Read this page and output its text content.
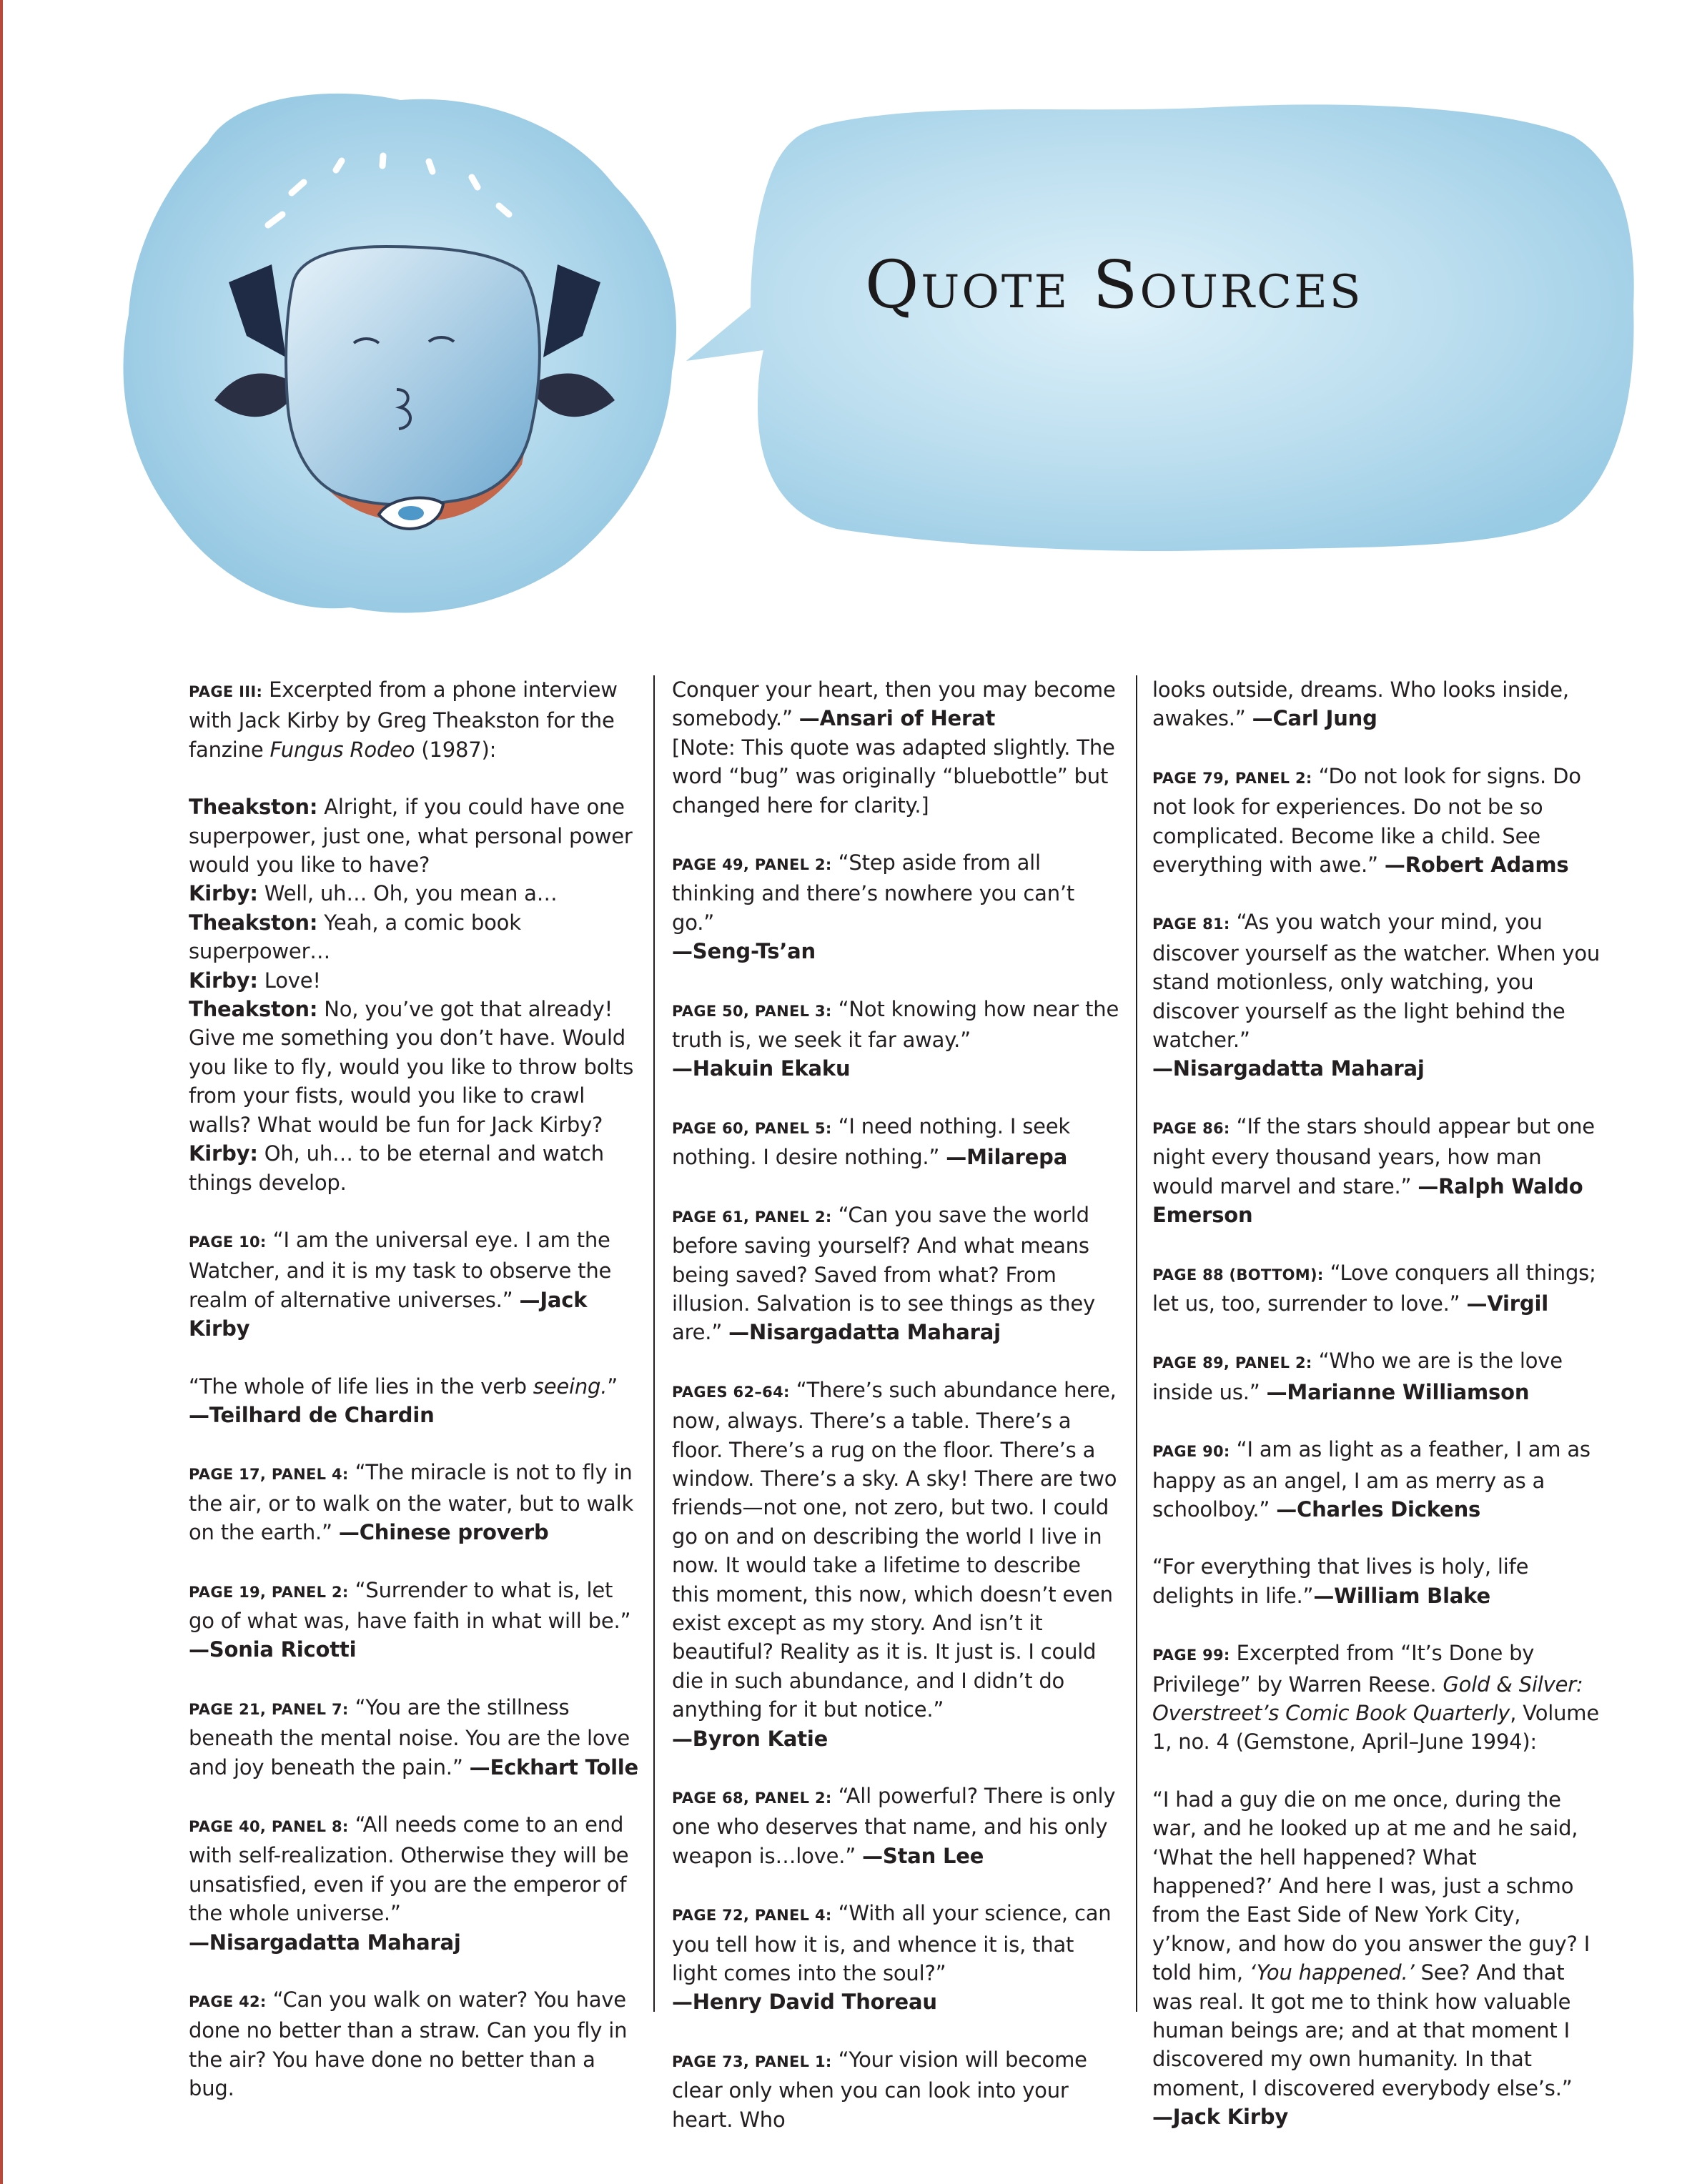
Quote Sources

PAGE III: Excerpted from a phone interview with Jack Kirby by Greg Theakston for the fanzine Fungus Rodeo (1987):

Theakston: Alright, if you could have one superpower, just one, what personal power would you like to have?
Kirby: Well, uh… Oh, you mean a…
Theakston: Yeah, a comic book superpower…
Kirby: Love!
Theakston: No, you’ve got that already! Give me something you don’t have. Would you like to fly, would you like to throw bolts from your fists, would you like to crawl walls? What would be fun for Jack Kirby?
Kirby: Oh, uh… to be eternal and watch things develop.

PAGE 10: “I am the universal eye. I am the Watcher, and it is my task to observe the realm of alternative universes.” —Jack Kirby

“The whole of life lies in the verb seeing.”
—Teilhard de Chardin

PAGE 17, PANEL 4: “The miracle is not to fly in the air, or to walk on the water, but to walk on the earth.” —Chinese proverb

PAGE 19, PANEL 2: “Surrender to what is, let go of what was, have faith in what will be.”
—Sonia Ricotti

PAGE 21, PANEL 7: “You are the stillness beneath the mental noise. You are the love and joy beneath the pain.” —Eckhart Tolle

PAGE 40, PANEL 8: “All needs come to an end with self-realization. Otherwise they will be unsatisfied, even if you are the emperor of the whole universe.”
—Nisargadatta Maharaj

PAGE 42: “Can you walk on water? You have done no better than a straw. Can you fly in the air? You have done no better than a bug.

Conquer your heart, then you may become somebody.” —Ansari of Herat
[Note: This quote was adapted slightly. The word “bug” was originally “bluebottle” but changed here for clarity.]

PAGE 49, PANEL 2: “Step aside from all thinking and there’s nowhere you can’t go.”
—Seng-Ts’an

PAGE 50, PANEL 3: “Not knowing how near the truth is, we seek it far away.”
—Hakuin Ekaku

PAGE 60, PANEL 5: “I need nothing. I seek nothing. I desire nothing.” —Milarepa

PAGE 61, PANEL 2: “Can you save the world before saving yourself? And what means being saved? Saved from what? From illusion. Salvation is to see things as they are.” —Nisargadatta Maharaj

PAGES 62–64: “There’s such abundance here, now, always. There’s a table. There’s a floor. There’s a rug on the floor. There’s a window. There’s a sky. A sky! There are two friends—not one, not zero, but two. I could go on and on describing the world I live in now. It would take a lifetime to describe this moment, this now, which doesn’t even exist except as my story. And isn’t it beautiful? Reality as it is. It just is. I could die in such abundance, and I didn’t do anything for it but notice.”
—Byron Katie

PAGE 68, PANEL 2: “All powerful? There is only one who deserves that name, and his only weapon is…love.” —Stan Lee

PAGE 72, PANEL 4: “With all your science, can you tell how it is, and whence it is, that light comes into the soul?”
—Henry David Thoreau

PAGE 73, PANEL 1: “Your vision will become clear only when you can look into your heart. Who

looks outside, dreams. Who looks inside, awakes.” —Carl Jung

PAGE 79, PANEL 2: “Do not look for signs. Do not look for experiences. Do not be so complicated. Become like a child. See everything with awe.” —Robert Adams

PAGE 81: “As you watch your mind, you discover yourself as the watcher. When you stand motionless, only watching, you discover yourself as the light behind the watcher.”
—Nisargadatta Maharaj

PAGE 86: “If the stars should appear but one night every thousand years, how man would marvel and stare.” —Ralph Waldo Emerson

PAGE 88 (BOTTOM): “Love conquers all things; let us, too, surrender to love.” —Virgil

PAGE 89, PANEL 2: “Who we are is the love inside us.” —Marianne Williamson

PAGE 90: “I am as light as a feather, I am as happy as an angel, I am as merry as a schoolboy.” —Charles Dickens

“For everything that lives is holy, life delights in life.”—William Blake

PAGE 99: Excerpted from “It’s Done by Privilege” by Warren Reese. Gold & Silver: Overstreet’s Comic Book Quarterly, Volume 1, no. 4 (Gemstone, April–June 1994):

“I had a guy die on me once, during the war, and he looked up at me and he said, ‘What the hell happened? What happened?’ And here I was, just a schmo from the East Side of New York City, y’know, and how do you answer the guy? I told him, ‘You happened.’ See? And that was real. It got me to think how valuable human beings are; and at that moment I discovered my own humanity. In that moment, I discovered everybody else’s.”
—Jack Kirby
